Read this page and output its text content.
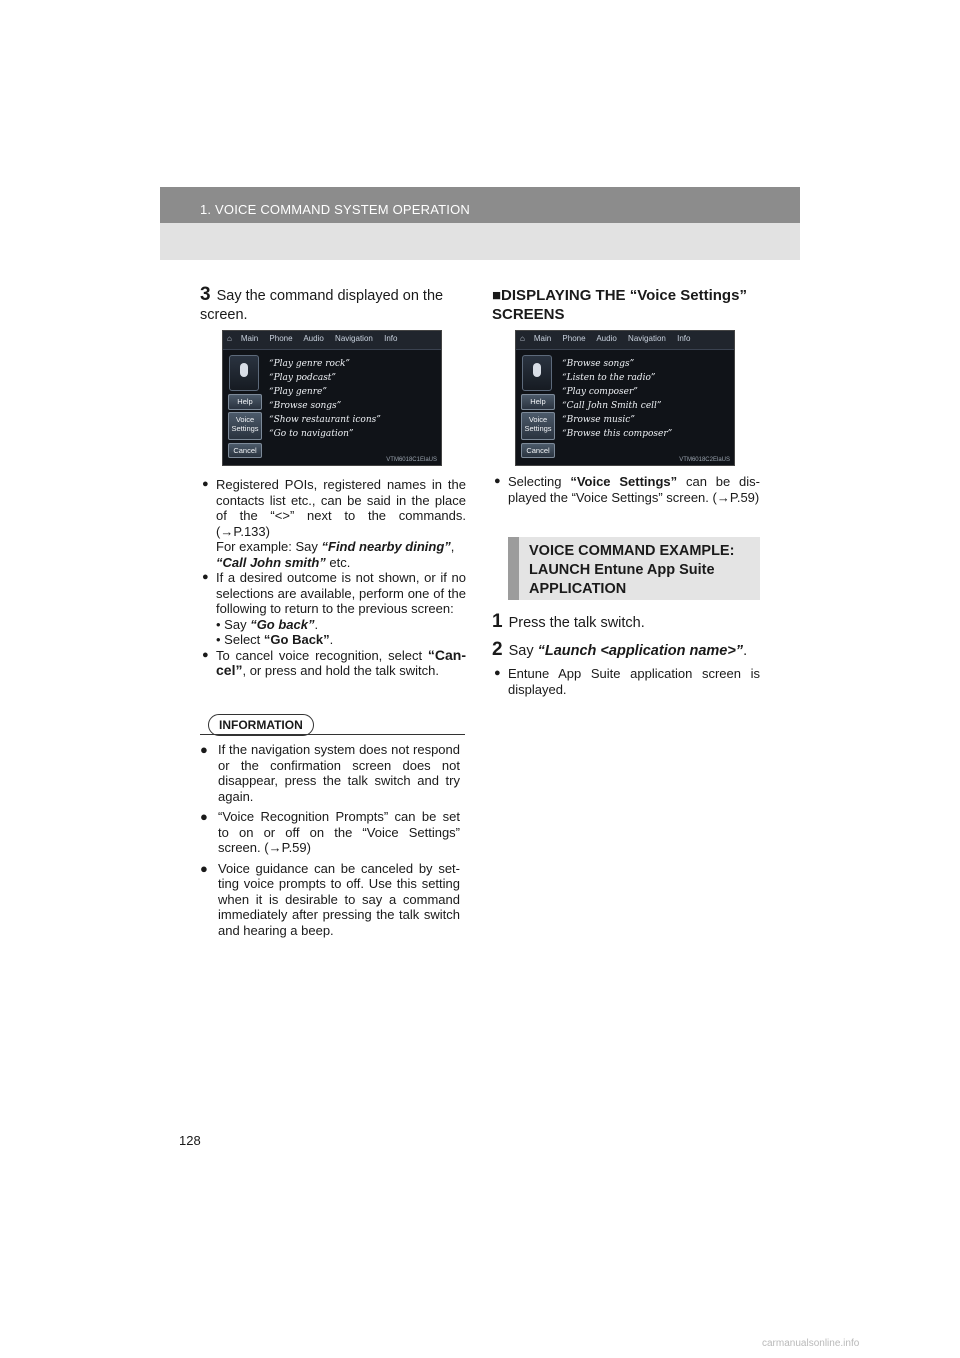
1. VOICE COMMAND SYSTEM OPERATION
3 Say the command displayed on the screen.
⌂ Main Phone Audio Navigation Info
Help
Voice Settings
Cancel
“Play genre rock”
“Play podcast”
“Play genre”
“Browse songs”
“Show restaurant icons”
“Go to navigation”
VTM6018C1ElaUS
● Registered POIs, registered names in the contacts list etc., can be said in the place of the “<>” next to the commands. (→P.133)
For example: Say “Find nearby dining”,
“Call John smith” etc.
● If a desired outcome is not shown, or if no selections are available, perform one of the following to return to the previous screen:
• Say “Go back”.
• Select “Go Back”.
● To cancel voice recognition, select “Can-cel”, or press and hold the talk switch.
INFORMATION
● If the navigation system does not respond or the confirmation screen does not disappear, press the talk switch and try again.
● “Voice Recognition Prompts” can be set to on or off on the “Voice Settings” screen. (→P.59)
● Voice guidance can be canceled by set-ting voice prompts to off. Use this setting when it is desirable to say a command immediately after pressing the talk switch and hearing a beep.
■DISPLAYING THE “Voice Settings” SCREENS
⌂ Main Phone Audio Navigation Info
Help
Voice Settings
Cancel
“Browse songs”
“Listen to the radio”
“Play composer”
“Call John Smith cell”
“Browse music”
“Browse this composer”
VTM6018C2ElaUS
● Selecting “Voice Settings” can be dis-played the “Voice Settings” screen. (→P.59)
VOICE COMMAND EXAMPLE: LAUNCH Entune App Suite APPLICATION
1 Press the talk switch.
2 Say “Launch <application name>”.
● Entune App Suite application screen is displayed.
128
carmanualsonline.info
